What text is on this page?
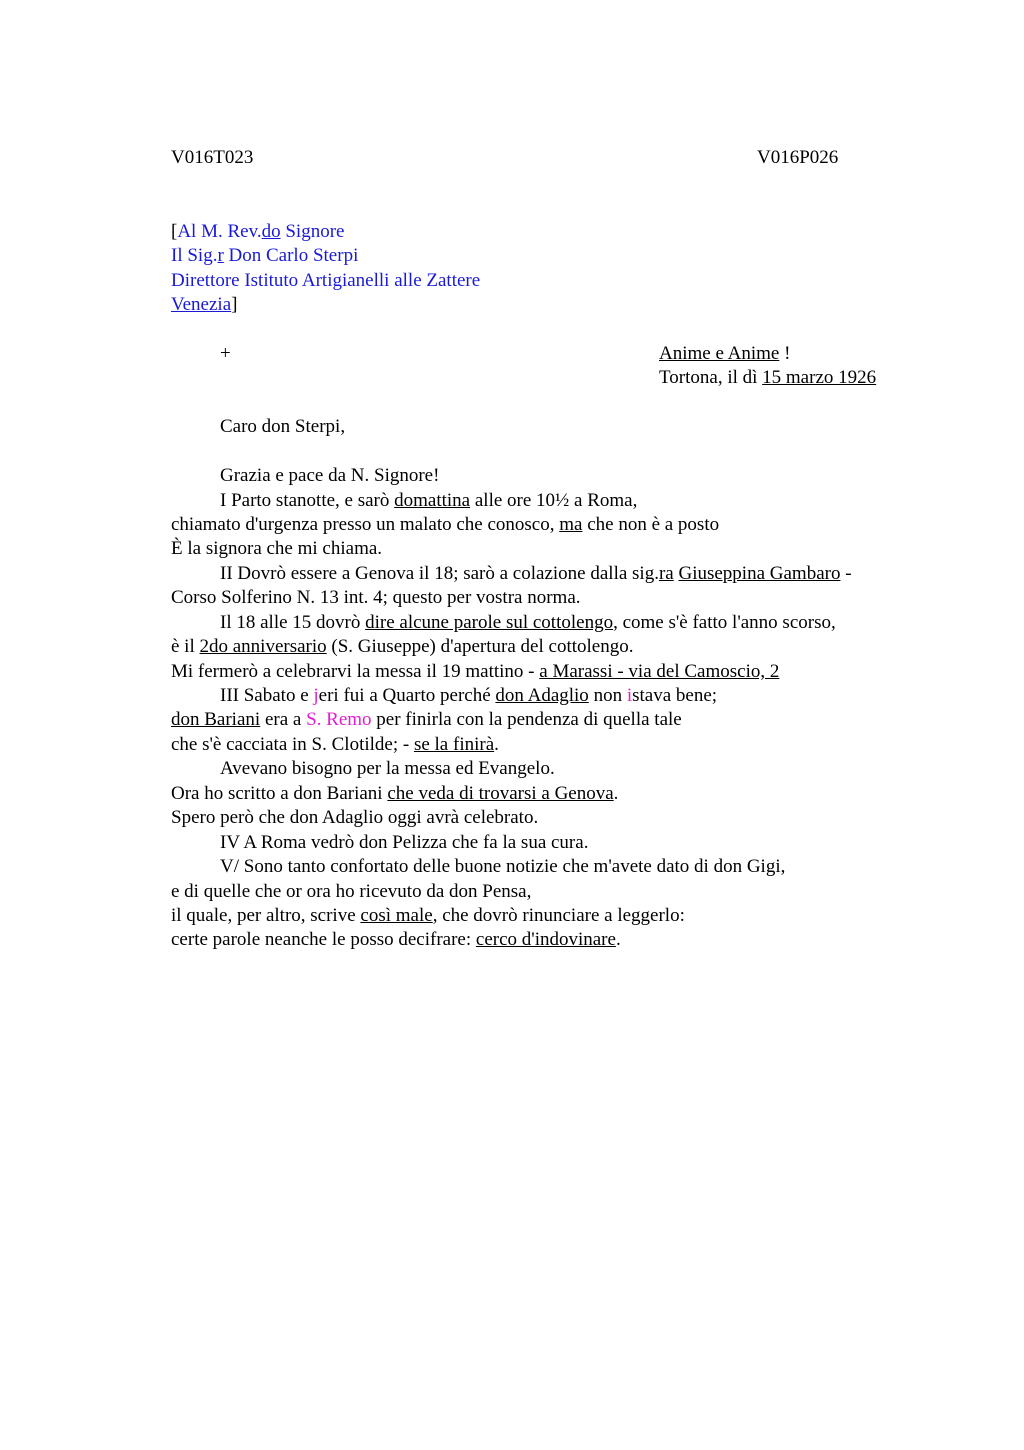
V016T023	V016P026
[Al M. Rev.do Signore
Il Sig.r Don Carlo Sterpi
Direttore Istituto Artigianelli alle Zattere
Venezia]
+	Anime e Anime !
Tortona, il dì 15 marzo 1926
Caro don Sterpi,
Grazia e pace da N. Signore!
I Parto stanotte, e sarò domattina alle ore 10½ a Roma,
chiamato d'urgenza presso un malato che conosco, ma che non è a posto
È la signora che mi chiama.
II Dovrò essere a Genova il 18; sarò a colazione dalla sig.ra Giuseppina Gambaro -
Corso Solferino N. 13 int. 4; questo per vostra norma.
Il 18 alle 15 dovrò dire alcune parole sul cottolengo, come s'è fatto l'anno scorso,
è il 2do anniversario (S. Giuseppe) d'apertura del cottolengo.
Mi fermerò a celebrarvi la messa il 19 mattino - a Marassi - via del Camoscio, 2
III Sabato e jeri fui a Quarto perché don Adaglio non istava bene;
don Bariani era a S. Remo per finirla con la pendenza di quella tale
che s'è cacciata in S. Clotilde; - se la finirà.
Avevano bisogno per la messa ed Evangelo.
Ora ho scritto a don Bariani che veda di trovarsi a Genova.
Spero però che don Adaglio oggi avrà celebrato.
IV A Roma vedrò don Pelizza che fa la sua cura.
V/ Sono tanto confortato delle buone notizie che m'avete dato di don Gigi,
e di quelle che or ora ho ricevuto da don Pensa,
il quale, per altro, scrive così male, che dovrò rinunciare a leggerlo:
certe parole neanche le posso decifrare: cerco d'indovinare.
